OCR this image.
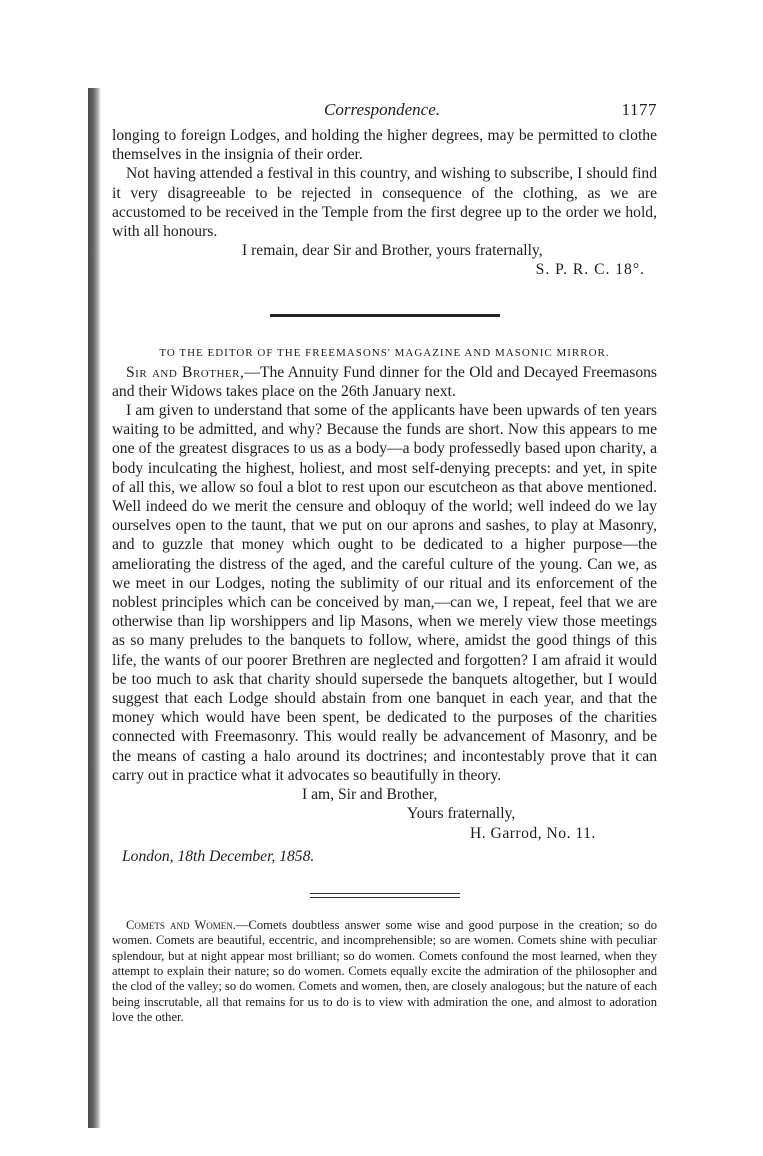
Correspondence.	1177

longing to foreign Lodges, and holding the higher degrees, may be permitted to clothe themselves in the insignia of their order.

Not having attended a festival in this country, and wishing to subscribe, I should find it very disagreeable to be rejected in consequence of the clothing, as we are accustomed to be received in the Temple from the first degree up to the order we hold, with all honours.

I remain, dear Sir and Brother, yours fraternally,

S. P. R. C. 18°.

TO THE EDITOR OF THE FREEMASONS' MAGAZINE AND MASONIC MIRROR.

Sir and Brother,—The Annuity Fund dinner for the Old and Decayed Freemasons and their Widows takes place on the 26th January next.

I am given to understand that some of the applicants have been upwards of ten years waiting to be admitted, and why? Because the funds are short. Now this appears to me one of the greatest disgraces to us as a body—a body professedly based upon charity, a body inculcating the highest, holiest, and most self-denying precepts: and yet, in spite of all this, we allow so foul a blot to rest upon our escutcheon as that above mentioned. Well indeed do we merit the censure and obloquy of the world; well indeed do we lay ourselves open to the taunt, that we put on our aprons and sashes, to play at Masonry, and to guzzle that money which ought to be dedicated to a higher purpose—the ameliorating the distress of the aged, and the careful culture of the young. Can we, as we meet in our Lodges, noting the sublimity of our ritual and its enforcement of the noblest principles which can be conceived by man,—can we, I repeat, feel that we are otherwise than lip worshippers and lip Masons, when we merely view those meetings as so many preludes to the banquets to follow, where, amidst the good things of this life, the wants of our poorer Brethren are neglected and forgotten? I am afraid it would be too much to ask that charity should supersede the banquets altogether, but I would suggest that each Lodge should abstain from one banquet in each year, and that the money which would have been spent, be dedicated to the purposes of the charities connected with Freemasonry. This would really be advancement of Masonry, and be the means of casting a halo around its doctrines; and incontestably prove that it can carry out in practice what it advocates so beautifully in theory.

I am, Sir and Brother,

Yours fraternally,

H. Garrod, No. 11.

London, 18th December, 1858.

Comets and Women.—Comets doubtless answer some wise and good purpose in the creation; so do women. Comets are beautiful, eccentric, and incomprehensible; so are women. Comets shine with peculiar splendour, but at night appear most brilliant; so do women. Comets confound the most learned, when they attempt to explain their nature; so do women. Comets equally excite the admiration of the philosopher and the clod of the valley; so do women. Comets and women, then, are closely analogous; but the nature of each being inscrutable, all that remains for us to do is to view with admiration the one, and almost to adoration love the other.
